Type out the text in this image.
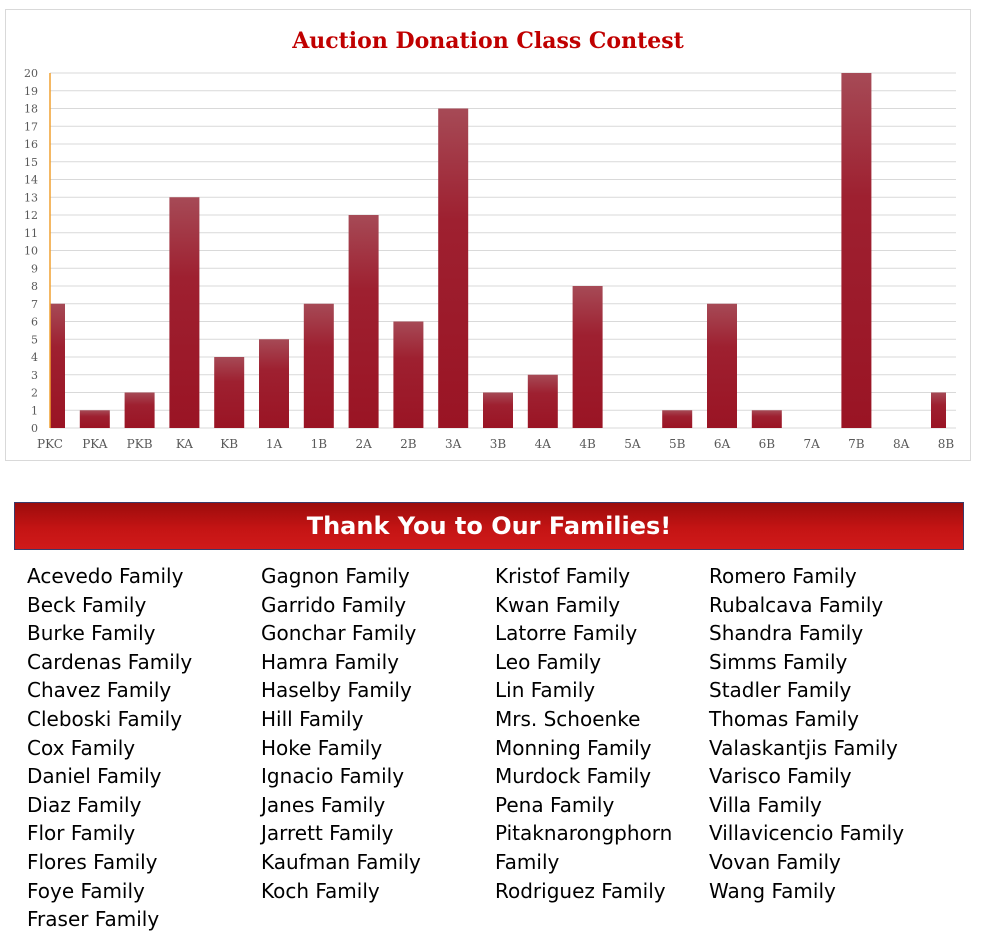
Auction Donation Class Contest
0
1
2
3
4
5
6
7
8
9
10
11
12
13
14
15
16
17
18
19
20
PKC PKA PKB KA KB 1A 1B 2A 2B 3A 3B 4A 4B 5A 5B 6A 6B 7A 7B 8A 8B
Thank You to Our Families!
Acevedo Family
Beck Family
Burke Family
Cardenas Family
Chavez Family
Cleboski Family
Cox Family
Daniel Family
Diaz Family
Flor Family
Flores Family
Foye Family
Fraser Family
Gagnon Family
Garrido Family
Gonchar Family
Hamra Family
Haselby Family
Hill Family
Hoke Family
Ignacio Family
Janes Family
Jarrett Family
Kaufman Family
Koch Family
Kristof Family
Kwan Family
Latorre Family
Leo Family
Lin Family
Mrs. Schoenke
Monning Family
Murdock Family
Pena Family
Pitaknarongphorn
Family
Rodriguez Family
Romero Family
Rubalcava Family
Shandra Family
Simms Family
Stadler Family
Thomas Family
Valaskantjis Family
Varisco Family
Villa Family
Villavicencio Family
Vovan Family
Wang Family
